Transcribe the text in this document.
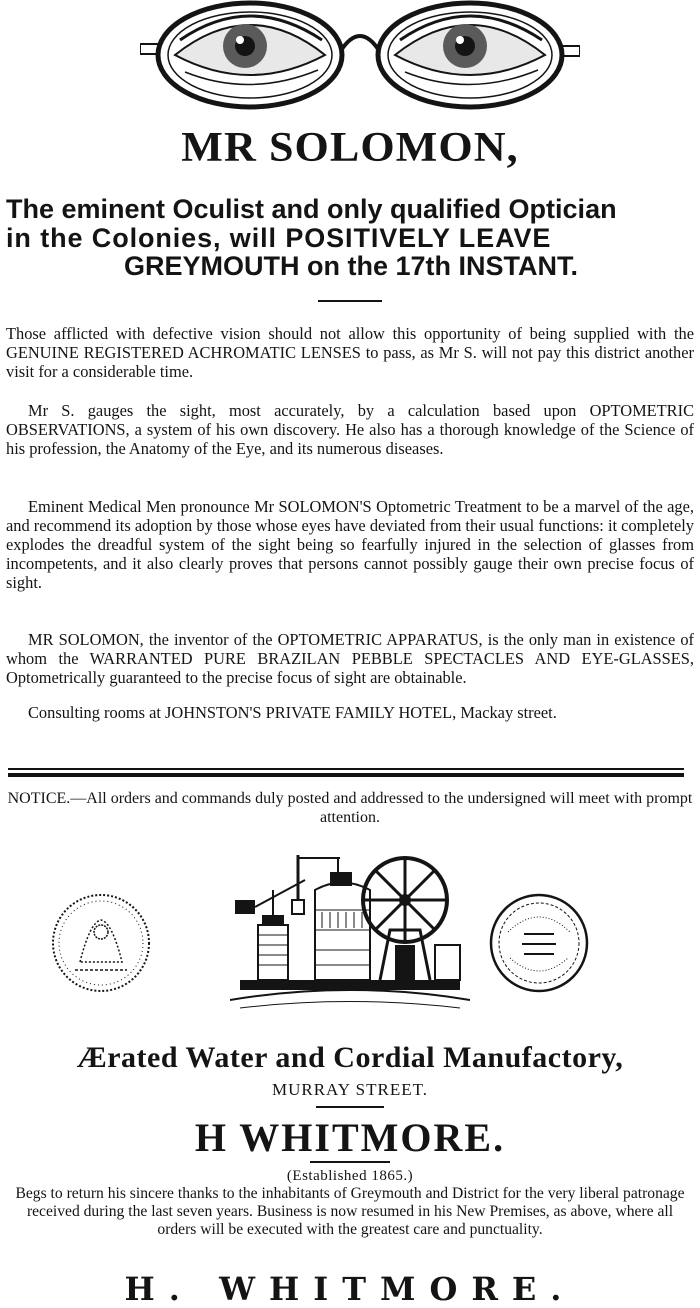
MR SOLOMON,
The eminent Oculist and only qualified Optician
in the Colonies, will POSITIVELY LEAVE
GREYMOUTH on the 17th INSTANT.
Those afflicted with defective vision should not allow this opportunity of being supplied with the GENUINE REGISTERED ACHROMATIC LENSES to pass, as Mr S. will not pay this district another visit for a considerable time.
Mr S. gauges the sight, most accurately, by a calculation based upon OPTOMETRIC OBSERVATIONS, a system of his own discovery. He also has a thorough knowledge of the Science of his profession, the Anatomy of the Eye, and its numerous diseases.
Eminent Medical Men pronounce Mr SOLOMON'S Optometric Treatment to be a marvel of the age, and recommend its adoption by those whose eyes have deviated from their usual functions: it completely explodes the dreadful system of the sight being so fearfully injured in the selection of glasses from incompetents, and it also clearly proves that persons cannot possibly gauge their own precise focus of sight.
MR SOLOMON, the inventor of the OPTOMETRIC APPARATUS, is the only man in existence of whom the WARRANTED PURE BRAZILAN PEBBLE SPECTACLES AND EYE-GLASSES, Optometrically guaranteed to the precise focus of sight are obtainable.
Consulting rooms at JOHNSTON'S PRIVATE FAMILY HOTEL, Mackay street.
NOTICE.—All orders and commands duly posted and addressed to the undersigned will meet with prompt attention.
Ærated Water and Cordial Manufactory,
MURRAY STREET.
H WHITMORE.
(Established 1865.)
Begs to return his sincere thanks to the inhabitants of Greymouth and District for the very liberal patronage received during the last seven years. Business is now resumed in his New Premises, as above, where all orders will be executed with the greatest care and punctuality.
H. WHITMORE.
